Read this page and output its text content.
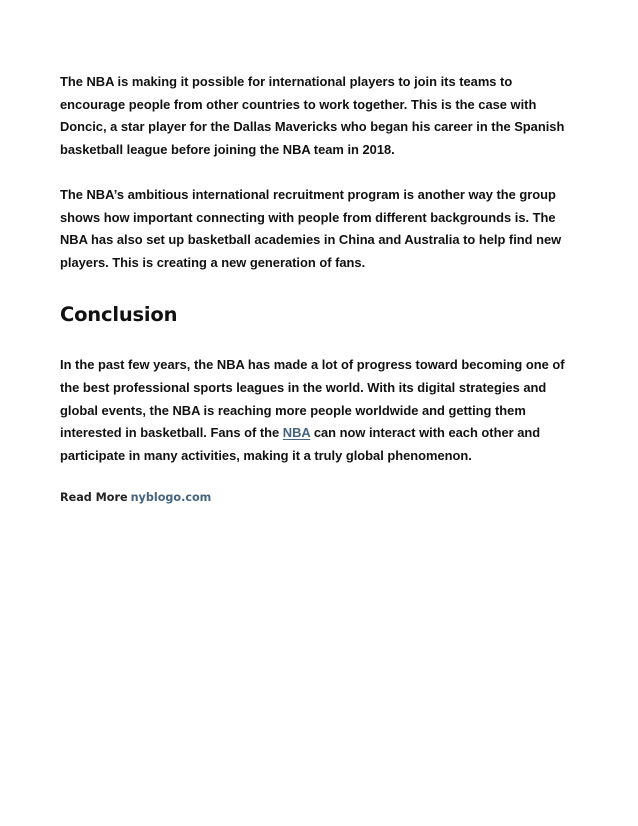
The NBA is making it possible for international players to join its teams to encourage people from other countries to work together. This is the case with Doncic, a star player for the Dallas Mavericks who began his career in the Spanish basketball league before joining the NBA team in 2018.

The NBA’s ambitious international recruitment program is another way the group shows how important connecting with people from different backgrounds is. The NBA has also set up basketball academies in China and Australia to help find new players. This is creating a new generation of fans.

Conclusion

In the past few years, the NBA has made a lot of progress toward becoming one of the best professional sports leagues in the world. With its digital strategies and global events, the NBA is reaching more people worldwide and getting them interested in basketball. Fans of the NBA can now interact with each other and participate in many activities, making it a truly global phenomenon.

Read More nyblogo.com
